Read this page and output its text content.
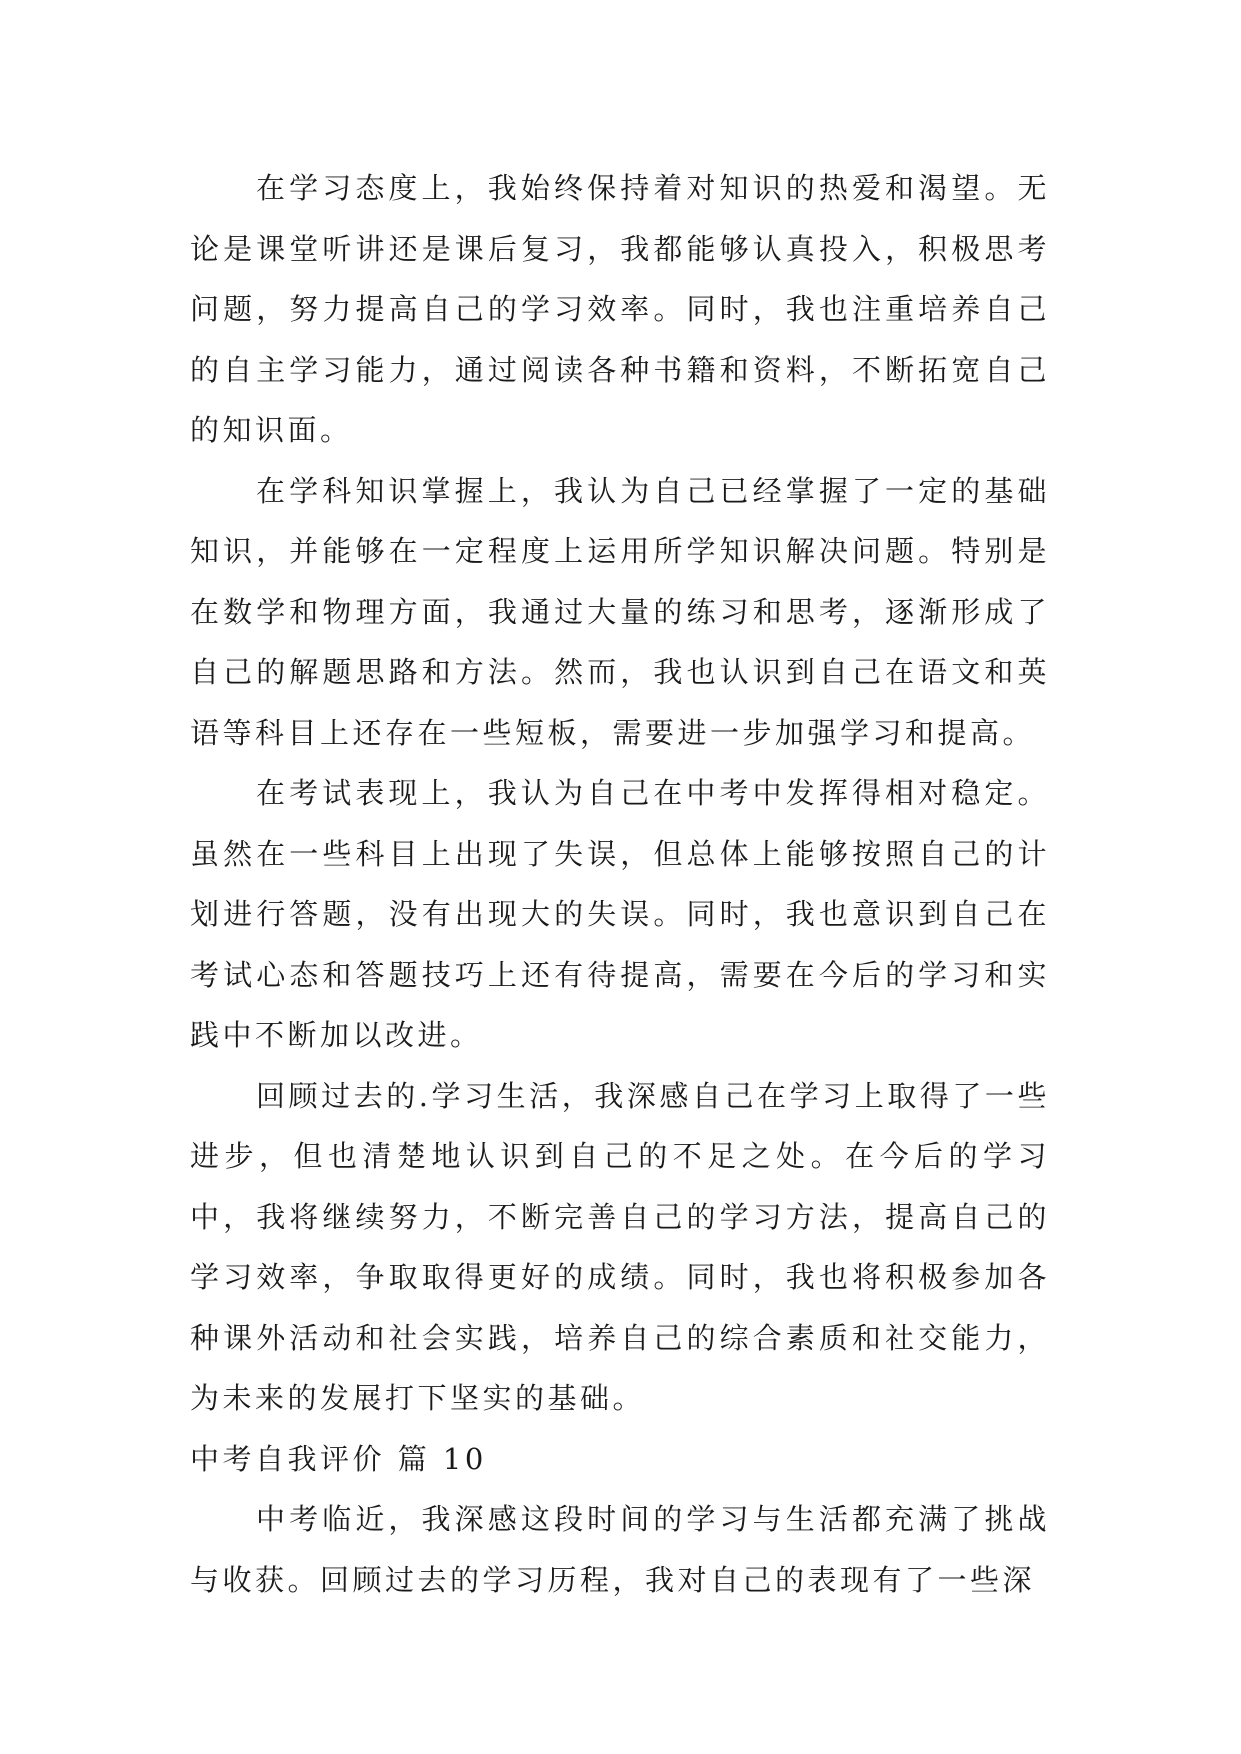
在学习态度上，我始终保持着对知识的热爱和渴望。无论是课堂听讲还是课后复习，我都能够认真投入，积极思考问题，努力提高自己的学习效率。同时，我也注重培养自己的自主学习能力，通过阅读各种书籍和资料，不断拓宽自己的知识面。

在学科知识掌握上，我认为自己已经掌握了一定的基础知识，并能够在一定程度上运用所学知识解决问题。特别是在数学和物理方面，我通过大量的练习和思考，逐渐形成了自己的解题思路和方法。然而，我也认识到自己在语文和英语等科目上还存在一些短板，需要进一步加强学习和提高。

在考试表现上，我认为自己在中考中发挥得相对稳定。虽然在一些科目上出现了失误，但总体上能够按照自己的计划进行答题，没有出现大的失误。同时，我也意识到自己在考试心态和答题技巧上还有待提高，需要在今后的学习和实践中不断加以改进。

回顾过去的.学习生活，我深感自己在学习上取得了一些进步，但也清楚地认识到自己的不足之处。在今后的学习中，我将继续努力，不断完善自己的学习方法，提高自己的学习效率，争取取得更好的成绩。同时，我也将积极参加各种课外活动和社会实践，培养自己的综合素质和社交能力，为未来的发展打下坚实的基础。

中考自我评价 篇 10

中考临近，我深感这段时间的学习与生活都充满了挑战与收获。回顾过去的学习历程，我对自己的表现有了一些深
